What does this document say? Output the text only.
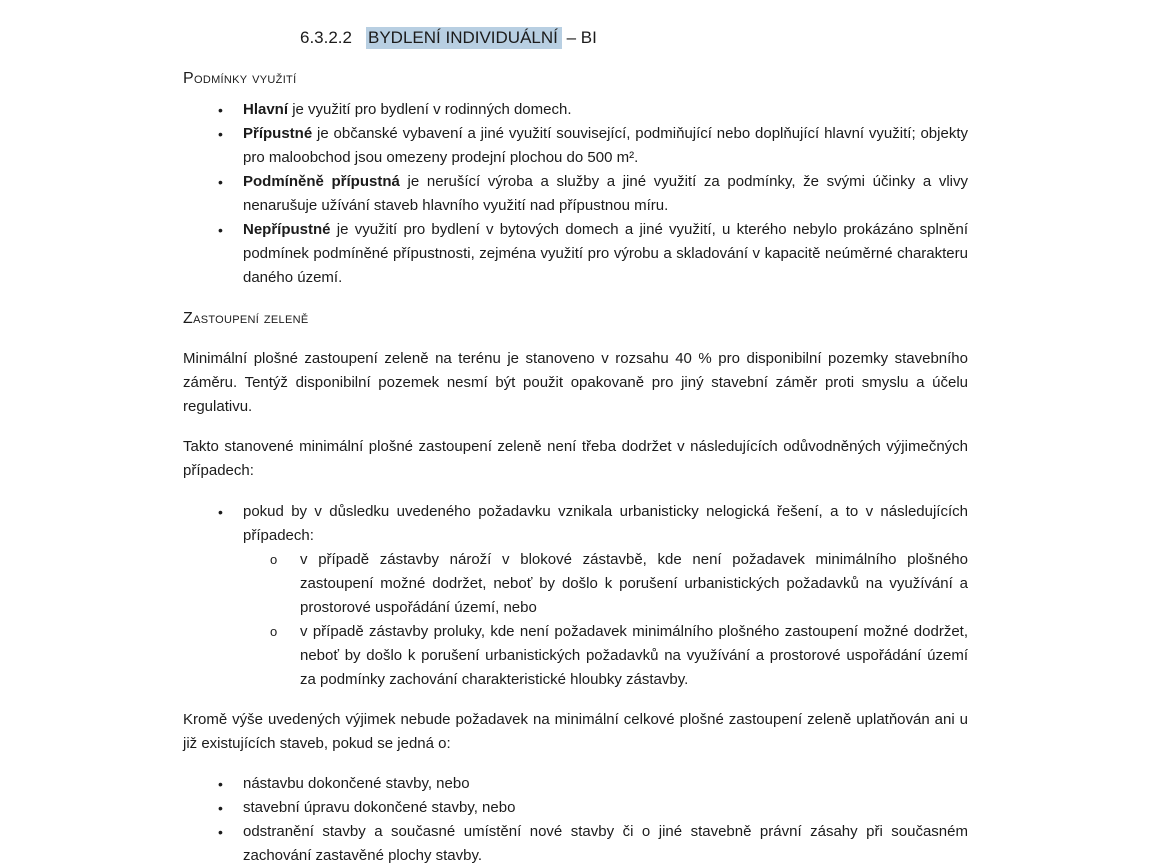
6.3.2.2 BYDLENÍ INDIVIDUÁLNÍ – BI
Podmínky využití
•	Hlavní je využití pro bydlení v rodinných domech.
•	Přípustné je občanské vybavení a jiné využití související, podmiňující nebo doplňující hlavní využití; objekty pro maloobchod jsou omezeny prodejní plochou do 500 m².
•	Podmíněně přípustná je nerušící výroba a služby a jiné využití za podmínky, že svými účinky a vlivy nenarušuje užívání staveb hlavního využití nad přípustnou míru.
•	Nepřípustné je využití pro bydlení v bytových domech a jiné využití, u kterého nebylo prokázáno splnění podmínek podmíněné přípustnosti, zejména využití pro výrobu a skladování v kapacitě neúměrné charakteru daného území.
Zastoupení zeleně

Minimální plošné zastoupení zeleně na terénu je stanoveno v rozsahu 40 % pro disponibilní pozemky stavebního záměru. Tentýž disponibilní pozemek nesmí být použit opakovaně pro jiný stavební záměr proti smyslu a účelu regulativu.

Takto stanovené minimální plošné zastoupení zeleně není třeba dodržet v následujících odůvodněných výjimečných případech:

•	pokud by v důsledku uvedeného požadavku vznikala urbanisticky nelogická řešení, a to v následujících případech:
o	v případě zástavby nároží v blokové zástavbě, kde není požadavek minimálního plošného zastoupení možné dodržet, neboť by došlo k porušení urbanistických požadavků na využívání a prostorové uspořádání území, nebo
o	v případě zástavby proluky, kde není požadavek minimálního plošného zastoupení možné dodržet, neboť by došlo k porušení urbanistických požadavků na využívání a prostorové uspořádání území za podmínky zachování charakteristické hloubky zástavby.

Kromě výše uvedených výjimek nebude požadavek na minimální celkové plošné zastoupení zeleně uplatňován ani u již existujících staveb, pokud se jedná o:

•	nástavbu dokončené stavby, nebo
•	stavební úpravu dokončené stavby, nebo
•	odstranění stavby a současné umístění nové stavby či o jiné stavebně právní zásahy při současném zachování zastavěné plochy stavby.
